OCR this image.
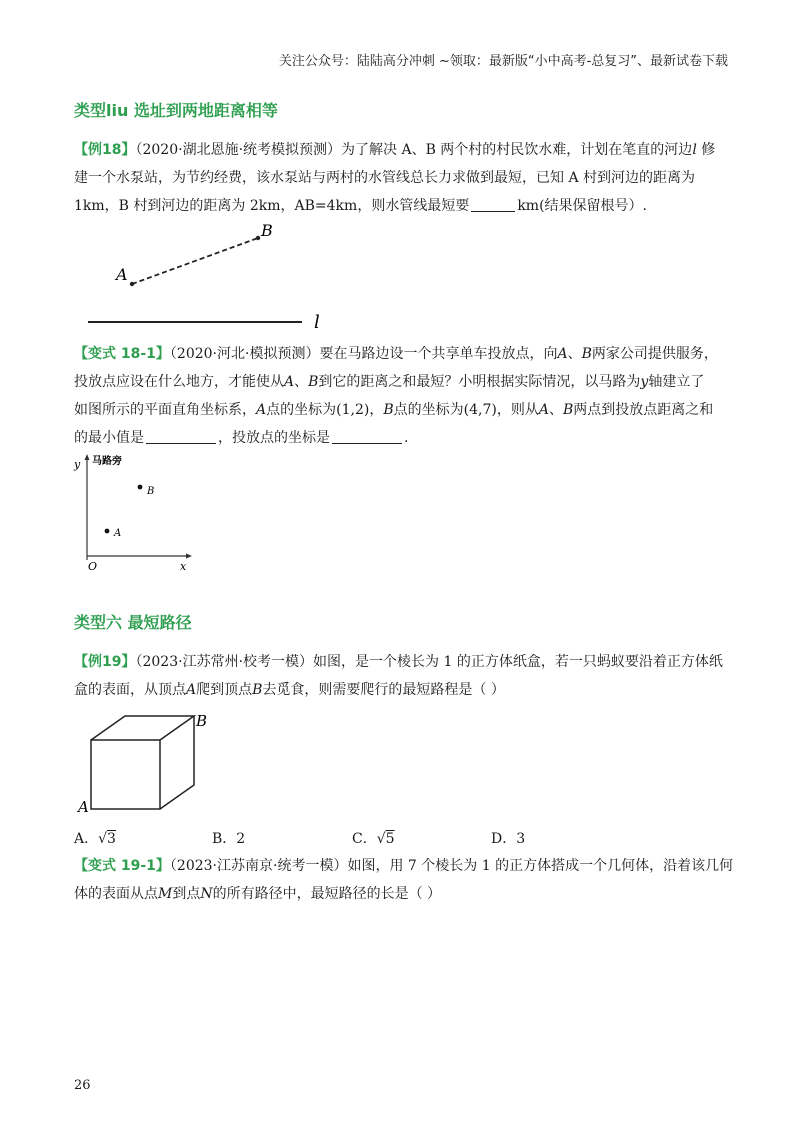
关注公众号：陆陆高分冲刺 ~领取：最新版“小中高考-总复习”、最新试卷下载
类型liu 选址到两地距离相等
【例18】（2020·湖北恩施·统考模拟预测）为了解决 A、B 两个村的村民饮水难，计划在笔直的河边l 修
建一个水泵站，为节约经费，该水泵站与两村的水管线总长力求做到最短，已知 A 村到河边的距离为
1km，B 村到河边的距离为 2km，AB=4km，则水管线最短要	km(结果保留根号）.
A
B
l
【变式 18-1】（2020·河北·模拟预测）要在马路边设一个共享单车投放点，向A、B两家公司提供服务，
投放点应设在什么地方，才能使从A、B到它的距离之和最短？小明根据实际情况，以马路为y轴建立了
如图所示的平面直角坐标系，A点的坐标为(1,2)，B点的坐标为(4,7)，则从A、B两点到投放点距离之和
的最小值是	，投放点的坐标是	.
y 马路旁
x
O
A
B
类型六 最短路径
【例19】（2023·江苏常州·校考一模）如图，是一个棱长为 1 的正方体纸盒，若一只蚂蚁要沿着正方体纸
盒的表面，从顶点A爬到顶点B去觅食，则需要爬行的最短路程是（ ）
A
B
A．√3	B．2	C．√5	D．3
【变式 19-1】（2023·江苏南京·统考一模）如图，用 7 个棱长为 1 的正方体搭成一个几何体，沿着该几何
体的表面从点M到点N的所有路径中，最短路径的长是（ ）
26
